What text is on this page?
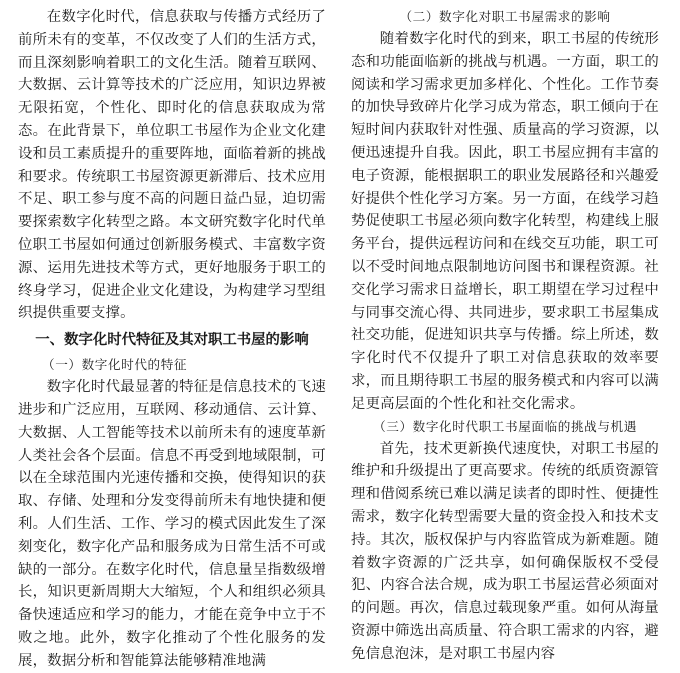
在数字化时代，信息获取与传播方式经历了前所未有的变革，不仅改变了人们的生活方式，而且深刻影响着职工的文化生活。随着互联网、大数据、云计算等技术的广泛应用，知识边界被无限拓宽，个性化、即时化的信息获取成为常态。在此背景下，单位职工书屋作为企业文化建设和员工素质提升的重要阵地，面临着新的挑战和要求。传统职工书屋资源更新滞后、技术应用不足、职工参与度不高的问题日益凸显，迫切需要探索数字化转型之路。本文研究数字化时代单位职工书屋如何通过创新服务模式、丰富数字资源、运用先进技术等方式，更好地服务于职工的终身学习，促进企业文化建设，为构建学习型组织提供重要支撑。

一、数字化时代特征及其对职工书屋的影响
（一）数字化时代的特征

数字化时代最显著的特征是信息技术的飞速进步和广泛应用，互联网、移动通信、云计算、大数据、人工智能等技术以前所未有的速度革新人类社会各个层面。信息不再受到地域限制，可以在全球范围内光速传播和交换，使得知识的获取、存储、处理和分发变得前所未有地快捷和便利。人们生活、工作、学习的模式因此发生了深刻变化，数字化产品和服务成为日常生活不可或缺的一部分。在数字化时代，信息量呈指数级增长，知识更新周期大大缩短，个人和组织必须具备快速适应和学习的能力，才能在竞争中立于不败之地。此外，数字化推动了个性化服务的发展，数据分析和智能算法能够精准地满

（二）数字化对职工书屋需求的影响

随着数字化时代的到来，职工书屋的传统形态和功能面临新的挑战与机遇。一方面，职工的阅读和学习需求更加多样化、个性化。工作节奏的加快导致碎片化学习成为常态，职工倾向于在短时间内获取针对性强、质量高的学习资源，以便迅速提升自我。因此，职工书屋应拥有丰富的电子资源，能根据职工的职业发展路径和兴趣爱好提供个性化学习方案。另一方面，在线学习趋势促使职工书屋必须向数字化转型，构建线上服务平台，提供远程访问和在线交互功能，职工可以不受时间地点限制地访问图书和课程资源。社交化学习需求日益增长，职工期望在学习过程中与同事交流心得、共同进步，要求职工书屋集成社交功能，促进知识共享与传播。综上所述，数字化时代不仅提升了职工对信息获取的效率要求，而且期待职工书屋的服务模式和内容可以满足更高层面的个性化和社交化需求。

（三）数字化时代职工书屋面临的挑战与机遇

首先，技术更新换代速度快，对职工书屋的维护和升级提出了更高要求。传统的纸质资源管理和借阅系统已难以满足读者的即时性、便捷性需求，数字化转型需要大量的资金投入和技术支持。其次，版权保护与内容监管成为新难题。随着数字资源的广泛共享，如何确保版权不受侵犯、内容合法合规，成为职工书屋运营必须面对的问题。再次，信息过载现象严重。如何从海量资源中筛选出高质量、符合职工需求的内容，避免信息泡沫，是对职工书屋内容
